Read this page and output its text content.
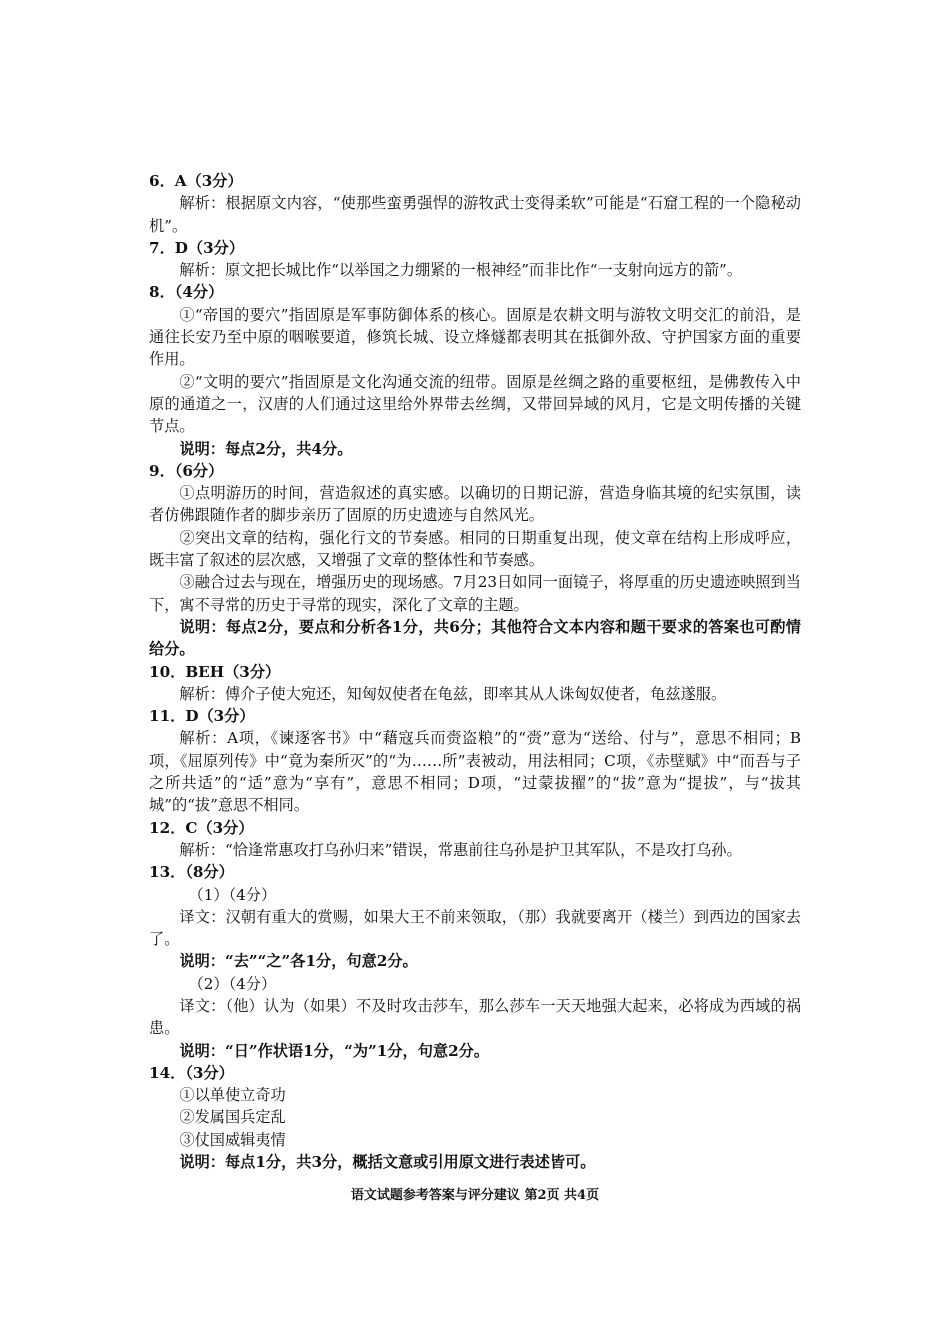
6．A（3分）
解析：根据原文内容，“使那些蛮勇强悍的游牧武士变得柔软”可能是“石窟工程的一个隐秘动机”。
7．D（3分）
解析：原文把长城比作“以举国之力绷紧的一根神经”而非比作“一支射向远方的箭”。
8．（4分）
①“帝国的要穴”指固原是军事防御体系的核心。固原是农耕文明与游牧文明交汇的前沿，是通往长安乃至中原的咽喉要道，修筑长城、设立烽燧都表明其在抵御外敌、守护国家方面的重要作用。
②“文明的要穴”指固原是文化沟通交流的纽带。固原是丝绸之路的重要枢纽，是佛教传入中原的通道之一，汉唐的人们通过这里给外界带去丝绸，又带回异域的风月，它是文明传播的关键节点。
说明：每点2分，共4分。
9．（6分）
①点明游历的时间，营造叙述的真实感。以确切的日期记游，营造身临其境的纪实氛围，读者仿佛跟随作者的脚步亲历了固原的历史遗迹与自然风光。
②突出文章的结构，强化行文的节奏感。相同的日期重复出现，使文章在结构上形成呼应，既丰富了叙述的层次感，又增强了文章的整体性和节奏感。
③融合过去与现在，增强历史的现场感。7月23日如同一面镜子，将厚重的历史遗迹映照到当下，寓不寻常的历史于寻常的现实，深化了文章的主题。
说明：每点2分，要点和分析各1分，共6分；其他符合文本内容和题干要求的答案也可酌情给分。
10．BEH（3分）
解析：傅介子使大宛还，知匈奴使者在龟兹，即率其从人诛匈奴使者，龟兹遂服。
11．D（3分）
解析：A项，《谏逐客书》中“藉寇兵而赍盗粮”的“赍”意为“送给、付与”，意思不相同；B项，《屈原列传》中“竟为秦所灭”的“为……所”表被动，用法相同；C项，《赤壁赋》中“而吾与子之所共适”的“适”意为“享有”，意思不相同；D项，“过蒙拔擢”的“拔”意为“提拔”，与“拔其城”的“拔”意思不相同。
12．C（3分）
解析：“恰逢常惠攻打乌孙归来”错误，常惠前往乌孙是护卫其军队，不是攻打乌孙。
13．（8分）
（1）（4分）
译文：汉朝有重大的赏赐，如果大王不前来领取，（那）我就要离开（楼兰）到西边的国家去了。
说明：“去”“之”各1分，句意2分。
（2）（4分）
译文：（他）认为（如果）不及时攻击莎车，那么莎车一天天地强大起来，必将成为西域的祸患。
说明：“日”作状语1分，“为”1分，句意2分。
14．（3分）
①以单使立奇功
②发属国兵定乱
③仗国威辑夷情
说明：每点1分，共3分，概括文意或引用原文进行表述皆可。
语文试题参考答案与评分建议 第2页 共4页
